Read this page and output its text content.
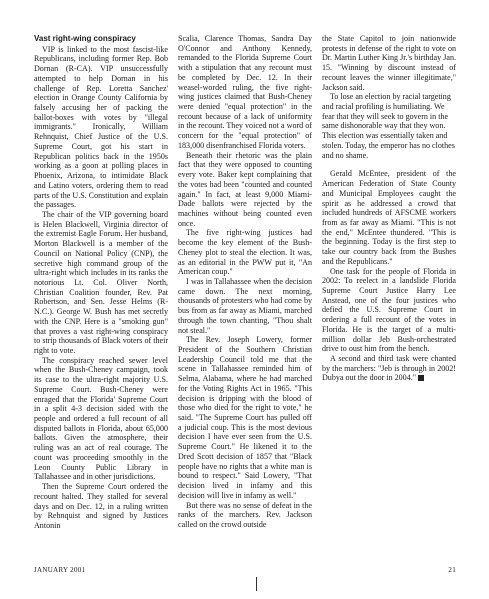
Vast right-wing conspiracy

VIP is linked to the most fascist-like Republicans, including former Rep. Bob Dornan (R-CA). VIP unsuccessfully attempted to help Dornan in his challenge of Rep. Loretta Sanchez' election in Orange County California by falsely accusing her of packing the ballot-boxes with votes by "illegal immigrants." Ironically, William Rehnquist, Chief Justice of the U.S. Supreme Court, got his start in Republican politics back in the 1950s working as a goon at polling places in Phoenix, Arizona, to intimidate Black and Latino voters, ordering them to read parts of the U.S. Constitution and explain the passages.

The chair of the VIP governing board is Helen Blackwell, Virginia director of the extremist Eagle Forum. Her husband, Morton Blackwell is a member of the Council on National Policy (CNP), the secretive high command group of the ultra-right which includes in its ranks the notorious Lt. Col. Oliver North, Christian Coalition founder, Rev. Pat Robertson, and Sen. Jesse Helms (R-N.C.). George W. Bush has met secretly with the CNP. Here is a "smoking gun" that proves a vast right-wing conspiracy to strip thousands of Black voters of their right to vote.

The conspiracy reached sewer level when the Bush-Cheney campaign, took its case to the ultra-right majority U.S. Supreme Court. Bush-Cheney were enraged that the Florida' Supreme Court in a split 4-3 decision sided with the people and ordered a full recount of all disputed ballots in Florida, about 65,000 ballots. Given the atmosphere, their ruling was an act of real courage. The count was proceeding smoothly in the Leon County Public Library in Tallahassee and in other jurisdictions.

Then the Supreme Court ordered the recount halted. They stalled for several days and on Dec. 12, in a ruling written by Rehnquist and signed by Justices Antonin

Scalia, Clarence Thomas, Sandra Day O'Connor and Anthony Kennedy, remanded to the Florida Supreme Court with a stipulation that any recount must be completed by Dec. 12. In their weasel-worded ruling, the five right-wing justices claimed that Bush-Cheney were denied "equal protection" in the recount because of a lack of uniformity in the recount. They voiced not a word of concern for the "equal protection" of 183,000 disenfranchised Florida voters.

Beneath their rhetoric was the plain fact that they were opposed to counting every vote. Baker kept complaining that the votes had been "counted and counted again." In fact, at least 9,000 Miami-Dade ballots were rejected by the machines without being counted even once.

The five right-wing justices had become the key element of the Bush-Cheney plot to steal the election. It was, as an editorial in the PWW put it, "An American coup."

I was in Tallahassee when the decision came down. The next morning, thousands of protesters who had come by bus from as far away as Miami, marched through the town chanting, "Thou shalt not steal."

The Rev. Joseph Lowery, former President of the Southern Christian Leadership Council told me that the scene in Tallahassee reminded him of Selma, Alabama, where he had marched for the Voting Rights Act in 1965. "This decision is dripping with the blood of those who died for the right to vote," he said. "The Supreme Court has pulled off a judicial coup. This is the most devious decision I have ever seen from the U.S. Supreme Court." He likened it to the Dred Scott decision of 1857 that "Black people have no rights that a white man is bound to respect." Said Lowery, "That decision lived in infamy and this decision will live in infamy as well."

But there was no sense of defeat in the ranks of the marchers. Rev. Jackson called on the crowd outside

the State Capitol to join nationwide protests in defense of the right to vote on Dr. Martin Luther King Jr.'s birthday Jan. 15. "Winning by discount instead of recount leaves the winner illegitimate," Jackson said.

To lose an election by racial targeting and racial profiling is humiliating. We fear that they will seek to govern in the same dishonorable way that they won. This election was essentially taken and stolen. Today, the emperor has no clothes and no shame.

Gerald McEntee, president of the American Federation of State County and Municipal Employees caught the spirit as he addressed a crowd that included hundreds of AFSCME workers from as far away as Miami. "This is not the end," McEntee thundered. "This is the beginning. Today is the first step to take our country back from the Bushes and the Republicans."

One task for the people of Florida in 2002: To reelect in a landslide Florida Supreme Court Justice Harry Lee Anstead, one of the four justices who defied the U.S. Supreme Court in ordering a full recount of the votes in Florida. He is the target of a multi-million dollar Jeb Bush-orchestrated drive to oust him from the bench.

A second and third task were chanted by the marchers: "Jeb is through in 2002! Dubya out the door in 2004."

JANUARY 2001	21
